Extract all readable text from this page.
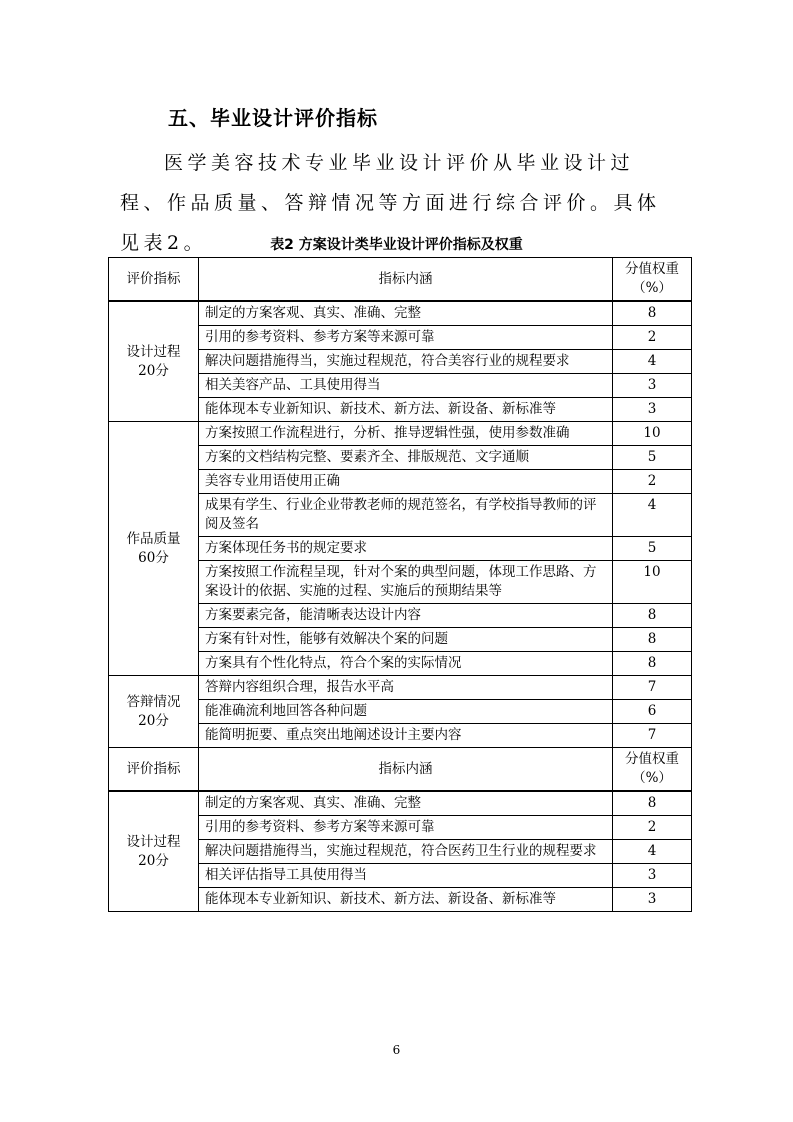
五、毕业设计评价指标
医学美容技术专业毕业设计评价从毕业设计过程、作品质量、答辩情况等方面进行综合评价。具体见表2。	表2 方案设计类毕业设计评价指标及权重
评价指标	指标内涵	分值权重
（%）

设计过程
20分	制定的方案客观、真实、准确、完整	8
	引用的参考资料、参考方案等来源可靠	2
	解决问题措施得当，实施过程规范，符合美容行业的规程要求	4
	相关美容产品、工具使用得当	3
	能体现本专业新知识、新技术、新方法、新设备、新标准等	3

作品质量
60分	方案按照工作流程进行，分析、推导逻辑性强，使用参数准确	10
	方案的文档结构完整、要素齐全、排版规范、文字通顺	5
	美容专业用语使用正确	2
	成果有学生、行业企业带教老师的规范签名，有学校指导教师的评阅及签名	4
	方案体现任务书的规定要求	5
	方案按照工作流程呈现，针对个案的典型问题，体现工作思路、方案设计的依据、实施的过程、实施后的预期结果等	10
	方案要素完备，能清晰表达设计内容	8
	方案有针对性，能够有效解决个案的问题	8
	方案具有个性化特点，符合个案的实际情况	8

答辩情况
20分	答辩内容组织合理，报告水平高	7
	能准确流利地回答各种问题	6
	能简明扼要、重点突出地阐述设计主要内容	7
评价指标	指标内涵	分值权重
（%）

设计过程
20分	制定的方案客观、真实、准确、完整	8
	引用的参考资料、参考方案等来源可靠	2
	解决问题措施得当，实施过程规范，符合医药卫生行业的规程要求	4
	相关评估指导工具使用得当	3
	能体现本专业新知识、新技术、新方法、新设备、新标准等	3
6
